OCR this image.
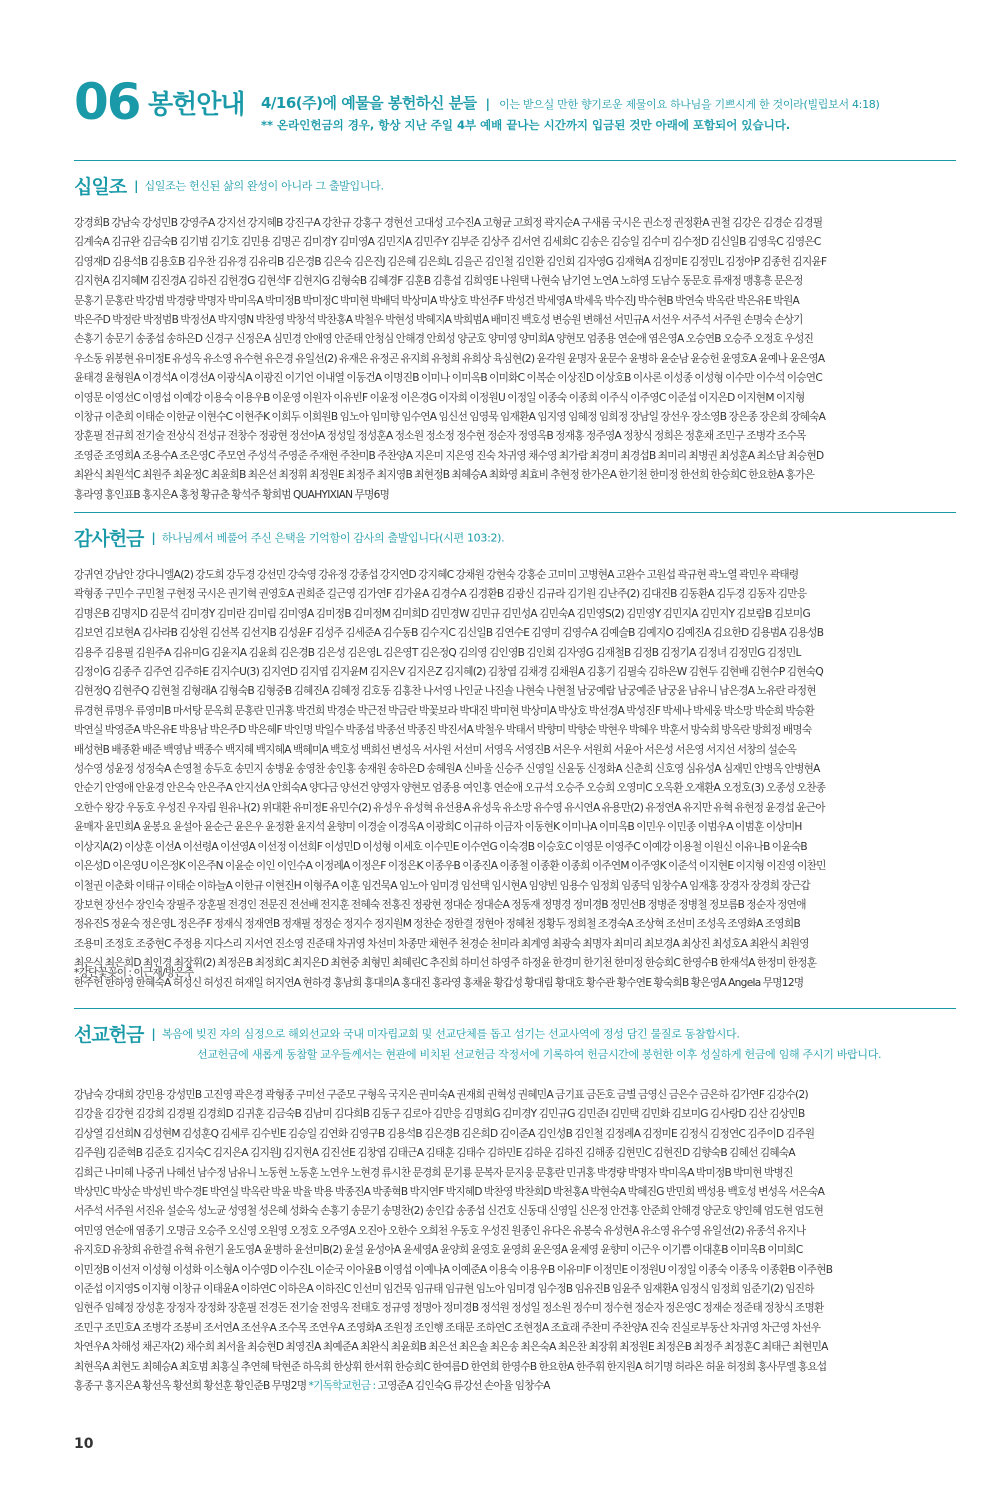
06 봉헌안내 4/16(주)에 예물을 봉헌하신 분들 | 이는 받으실 만한 향기로운 제물이요 하나님을 기쁘시게 한 것이라(빌립보서 4:18)
** 온라인헌금의 경우, 항상 지난 주일 4부 예배 끝나는 시간까지 입금된 것만 아래에 포함되어 있습니다.
십일조 | 십일조는 헌신된 삶의 완성이 아니라 그 출발입니다.
강경희B 강남숙 강성민B 강영주A 강지선 강지혜B 강진구A 강찬규 강홍구 경현선 고대성 고수진A 고형균 고희정 곽지순A 구새롬 국시은 권소정 권정환A 권철 김강은 김경순 김경필
김계숙A 김규완 김금숙B 김기범 김기호 김민용 김명곤 김미경Y 김미영A 김민지A 김민주Y 김부준 김상주 김서연 김세희C 김송은 김승일 김수미 김수정D 김신일B 김영욱C 김영은C
김영재D 김용석B 김용호B 김우찬 김유경 김유리B 김은경B 김은숙 김은진J 김은혜 김은희L 김을곤 김인철 김인환 김인회 김자영G 김재혁A 김정미E 김정민L 김정아P 김종헌 김지윤F
김지현A 김지혜M 김진경A 김하진 김현경G 김현석F 김현지G 김형숙B 김혜경F 김훈B 김흥섭 김희영E 나원택 나현숙 남기연 노연A 노하영 도남수 동문호 류재정 맹홍흥 문은정
문홍기 문홍란 박강범 박경량 박명자 박미옥A 박미정B 박미정C 박미현 박배덕 박상미A 박상호 박선주F 박성건 박세영A 박세욱 박수진J 박수현B 박연숙 박옥란 박은유E 박원A
박은주D 박정란 박정범B 박정선A 박지영N 박찬영 박창석 박찬홍A 박철우 박현성 박혜지A 박희범A 배미진 백호성 변승원 변해선 서민규A 서선우 서주석 서주원 손명숙 손상기
손홍기 송문기 송종섭 송하은D 신경구 신정은A 심민경 안애영 안준태 안청심 안해경 안희성 양군호 양미영 양미희A 양현모 엄종용 연순애 염은영A 오승연B 오승주 오정호 우성진
우소동 위봉현 유미정E 유성옥 유소영 유수현 유은경 유일선(2) 유재은 유정곤 유지희 유청희 유희상 육심현(2) 윤각원 윤명자 윤문수 윤병하 윤순남 윤승헌 윤영호A 윤예나 윤은영A
윤태경 윤형원A 이경석A 이경선A 이광식A 이광진 이기언 이내열 이동건A 이명진B 이미나 이미옥B 이미화C 이복순 이상진D 이상호B 이사론 이성종 이성형 이수만 이수석 이승연C
이영문 이영선C 이영섭 이예강 이용숙 이용우B 이운영 이원자 이유빈F 이윤정 이은경G 이자희 이정원U 이정일 이종숙 이종희 이주식 이주영C 이준섭 이지은D 이지현M 이지형
이창규 이춘희 이태순 이한균 이현수C 이현주K 이희두 이희원B 임노아 임미향 임수연A 임신선 임영묵 임재환A 임지영 임혜정 임희정 장남일 장선우 장소영B 장은종 장은희 장혜숙A
장훈필 전규희 전기술 전상식 전성규 전창수 정광현 정선아A 정성일 정성훈A 정소원 정소정 정수현 정순자 정영옥B 정재홍 정주영A 정창식 정희은 정훈채 조민구 조병각 조수목
조영준 조영희A 조용수A 조은영C 주모연 주성석 주영준 주재현 주찬미B 주찬양A 지은미 지은영 진숙 차귀영 채수영 최가람 최경미 최경섭B 최미리 최병권 최성훈A 최소담 최승현D
최완식 최원석C 최원주 최윤정C 최윤희B 최은선 최정휘 최정원E 최정주 최지영B 최현정B 최혜승A 최화영 최효비 추현정 한가은A 한기천 한미정 한선희 한승희C 한요한A 홍가은
홍라영 홍인표B 홍지은A 홍청 황규춘 황석주 황희범 QUAHYIXIAN 무명6명
감사헌금 | 하나님께서 베풀어 주신 은택을 기억함이 감사의 출발입니다(시편 103:2).
강귀연 강남안 강다니엘A(2) 강도희 강두경 강선민 강숙영 강유정 강종섭 강지연D 강지혜C 강채원 강현숙 강홍순 고미미 고병현A 고완수 고원섭 곽규현 곽노열 곽민우 곽태령
곽형종 구민수 구민철 구현정 국시은 권기혁 권영호A 권희준 길근영 김가연F 김가윤A 김경수A 김경환B 김광신 김규라 김기원 김난주(2) 김대진B 김동환A 김두경 김동자 김만응
김명은B 김명지D 김문석 김미경Y 김미란 김미림 김미영A 김미정B 김미정M 김미희D 김민경W 김민규 김민성A 김민숙A 김민영S(2) 김민영Y 김민지A 김민지Y 김보람B 김보미G
김보연 김보현A 김사라B 김상원 김선복 김선지B 김성윤F 김성주 김세준A 김수동B 김수지C 김신일B 김연수E 김영미 김영수A 김예슬B 김예지O 김예진A 김요한D 김용범A 김용성B
김용주 김용필 김원주A 김유미G 김윤지A 김윤희 김은경B 김은성 김은영L 김은영T 김은정Q 김의영 김인영B 김인회 김자영G 김재철B 김정B 김정기A 김정녀 김정민G 김정민L
김정이G 김종주 김주연 김주하E 김지수U(3) 김지연D 김지엽 김지윤M 김지은V 김지은Z 김지혜(2) 김창엽 김채경 김채원A 김홍기 김필숙 김하은W 김현두 김현배 김현수P 김현숙Q
김현정Q 김현주Q 김현철 김형래A 김형숙B 김형중B 김혜진A 김혜정 김호동 김홍찬 나서영 나인균 나진솔 나현숙 나현철 남궁예람 남궁예준 남궁윤 남유니 남은경A 노유란 라정현
류경현 류명우 류영미B 마서탕 문옥희 문홍란 민귀홍 박건희 박경순 박근전 박금란 박꽃보라 박대진 박미현 박상미A 박상호 박선경A 박성진F 박세나 박세웅 박소망 박순희 박승환
박연실 박영준A 박은유E 박용남 박은주D 박은혜F 박인명 박일수 박종섭 박종선 박종진 박진서A 박철우 박태서 박향미 박향순 박현우 박혜우 박훈서 방숙희 방옥란 방희정 배명숙
배성현B 배종환 배준 백영남 백종수 백지혜 백지혜A 백혜미A 백호성 백희선 변성옥 서사원 서선미 서영옥 서영진B 서은우 서원희 서윤아 서은성 서은영 서지선 서창의 설순옥
성수영 성윤정 성정숙A 손영철 송두호 송민지 송병윤 송영찬 송인홍 송재원 송하은D 송혜원A 신바울 신승주 신영일 신윤동 신정화A 신춘희 신호영 심유성A 심재민 안병옥 안병현A
안순기 안영애 안윤경 안은숙 안은주A 안지선A 안희숙A 양다금 양선건 양영자 양현모 엄종용 여인홍 연순애 오규석 오승주 오승희 오영미C 오옥환 오재환A 오정호(3) 오종성 오찬종
오한수 왕강 우동호 우성진 우자림 원유나(2) 위대환 유미정E 유민수(2) 유성우 유성혁 유선용A 유성욱 유소망 유수영 유시연A 유용만(2) 유정연A 유지만 유혁 유현정 윤경섭 윤근아
윤매자 윤민희A 윤봉요 윤설아 윤순근 윤은우 윤정환 윤지석 윤향미 이경술 이경옥A 이광희C 이규하 이금자 이동현K 이미나A 이미옥B 이민우 이민종 이범우A 이범훈 이상미H
이상지A(2) 이상훈 이선A 이선령A 이선영A 이선정 이선희F 이성민D 이성형 이세호 이수민E 이수연G 이숙경B 이승호C 이영문 이영주C 이예강 이용철 이원신 이유나B 이윤숙B
이은성D 이은영U 이은정K 이은주N 이윤순 이인 이인수A 이정례A 이정은F 이정은K 이종우B 이종진A 이종철 이종환 이종희 이주연M 이주영K 이준석 이지현E 이지형 이진영 이찬민
이철권 이춘화 이태규 이태순 이하늘A 이한규 이현진H 이형주A 이훈 임건묵A 임노아 임미경 임선택 임시현A 임양빈 임용수 임정희 임종덕 임창수A 임재홍 장경자 장경희 장근갑
장보현 장선수 장인숙 장필주 장훈필 전경인 전문진 전선배 전지훈 전혜숙 전홍진 정광현 정대순 정대순A 정동재 정명경 정미경B 정민선B 정병준 정병철 정보름B 정순자 정연애
정유진S 정윤숙 정은영L 정은주F 정재식 정재연B 정재필 정정순 정지수 정지원M 정찬순 정한결 정현아 정혜천 정황두 정희철 조경숙A 조상혁 조선미 조성옥 조영화A 조영희B
조용미 조정호 조중현C 주정용 지다스리 지서연 진소영 진준태 차귀영 차선미 차종만 채현주 천경순 천미라 최계영 최광숙 최명자 최미리 최보경A 최상진 최성호A 최완식 최원영
최은식 최은희D 최인경 최장휘(2) 최정은B 최정희C 최지은D 최현중 최형민 최혜린C 추진희 하미선 하영주 하정윤 한경미 한기천 한미정 한승희C 한영수B 한재석A 한정미 한정훈
한주헌 한하영 한혜숙A 허성신 허성진 허재일 허지연A 현하경 홍남희 홍대의A 홍대진 홍라영 홍채윤 황갑성 황대림 황대호 황수관 황수연E 황숙희B 황은영A Angela 무명12명
*강단꽃꽂이 : 이근재/방은주
선교헌금 | 복음에 빚진 자의 심정으로 해외선교와 국내 미자립교회 및 선교단체를 돕고 섬기는 선교사역에 정성 담긴 물질로 동참합시다.
선교헌금에 새롭게 동참할 교우들께서는 현관에 비치된 선교헌금 작정서에 기록하여 헌금시간에 봉헌한 이후 성실하게 헌금에 임해 주시기 바랍니다.
강남숙 강대희 강민용 강성민B 고진영 곽은경 곽형종 구미선 구준모 구형옥 국지은 권미숙A 권재희 권혁성 권혜민A 금기표 금돈호 금별 금영신 금은수 금은하 김가연F 김강수(2)
김강율 김강현 김강희 김경필 김경희D 김귀훈 김금숙B 김남미 김다희B 김동구 김로아 김만응 김명희G 김미경Y 김민규G 김민준I 김민택 김민화 김보미G 김사랑D 김산 김상민B
김상열 김선희N 김성현M 김성훈Q 김세루 김수빈E 김승일 김연화 김영구B 김용석B 김은경B 김은희D 김이준A 김인성B 김인철 김정례A 김정미E 김정식 김정연C 김주이D 김주원
김주원J 김준혁B 김준호 김지숙C 김지은A 김지원J 김지현A 김진선E 김창엽 김태근A 김태훈 김태수 김하민E 김하운 김하진 김해종 김현민C 김현진D 김향숙B 김혜선 김혜숙A
김희근 나미혜 나중귀 나혜선 남수정 남유니 노동현 노동훈 노연우 노현경 류시찬 문경희 문기룡 문복자 문지웅 문홍란 민귀홍 박경량 박명자 박미옥A 박미정B 박미현 박병진
박상민C 박상순 박성빈 박수경E 박연실 박옥란 박윤 박율 박용 박종진A 박종혁B 박지연F 박지혜D 박찬영 박찬희D 박천홍A 박현숙A 박혜진G 반민희 백성용 백호성 변성옥 서은숙A
서주석 서주원 서진유 설순옥 성노균 성영철 성은혜 성화숙 손홍기 송문기 송명찬(2) 송인갑 송종섭 신건호 신동대 신영일 신은정 안건홍 안준희 안해경 양군호 양인혜 엄도현 엄도현
여민영 연순애 염종기 오명금 오승주 오신영 오원영 오정호 오주영A 오진아 오한수 오희천 우동호 우성진 원종인 유다은 유봉숙 유성현A 유소영 유수영 유일선(2) 유종석 유지나
유지호D 유창희 유한결 유혁 유현기 윤도영A 윤병하 윤선미B(2) 윤설 윤성아A 윤세영A 윤양희 윤영호 윤영희 윤은영A 윤제영 윤향미 이근우 이기쁨 이대훈B 이미옥B 이미희C
이민정B 이선저 이성형 이성화 이소형A 이수영D 이수진L 이순국 이아윤B 이영섭 이예나A 이예준A 이용숙 이용우B 이유미F 이정민E 이정원U 이정일 이종숙 이종욱 이종환B 이주현B
이준섭 이지영S 이지형 이창규 이태윤A 이하연C 이하은A 이하진C 인선미 임건묵 임규태 임규현 임노아 임미경 임수정B 임유진B 임윤주 임재환A 임정식 임정희 임준기(2) 임진하
임현주 임혜정 장성훈 장정자 장정화 장훈필 전경돈 전기술 전영옥 전태호 정규영 정명아 정미경B 정석원 정성일 정소원 정수미 정수현 정순자 정은영C 정재순 정준태 정창식 조명환
조민구 조민호A 조병각 조봉비 조서연A 조선우A 조수목 조연우A 조영화A 조원정 조인행 조태문 조하연C 조현정A 조효래 주찬미 주찬양A 진숙 진실로부동산 차귀영 차근영 차선우
차연우A 차해성 채곤자(2) 채수희 최서율 최승현D 최영진A 최예준A 최완식 최윤희B 최은선 최은솔 최은송 최은숙A 최은찬 최장휘 최정원E 최정은B 최정주 최정훈C 최태근 최현민A
최현옥A 최현도 최혜승A 최호범 최홍실 추연혜 탁현준 하옥희 한상휘 한서휘 한승희C 한여름D 한연희 한영수B 한요한A 한주휘 한지원A 허기명 허라온 허윤 허정희 홍사무엘 홍요섭
홍종구 홍지은A 황선옥 황선희 황선훈 황인준B 무명2명 *기독학교헌금 : 고영준A 김인숙G 류강선 손아율 임창수A
10
